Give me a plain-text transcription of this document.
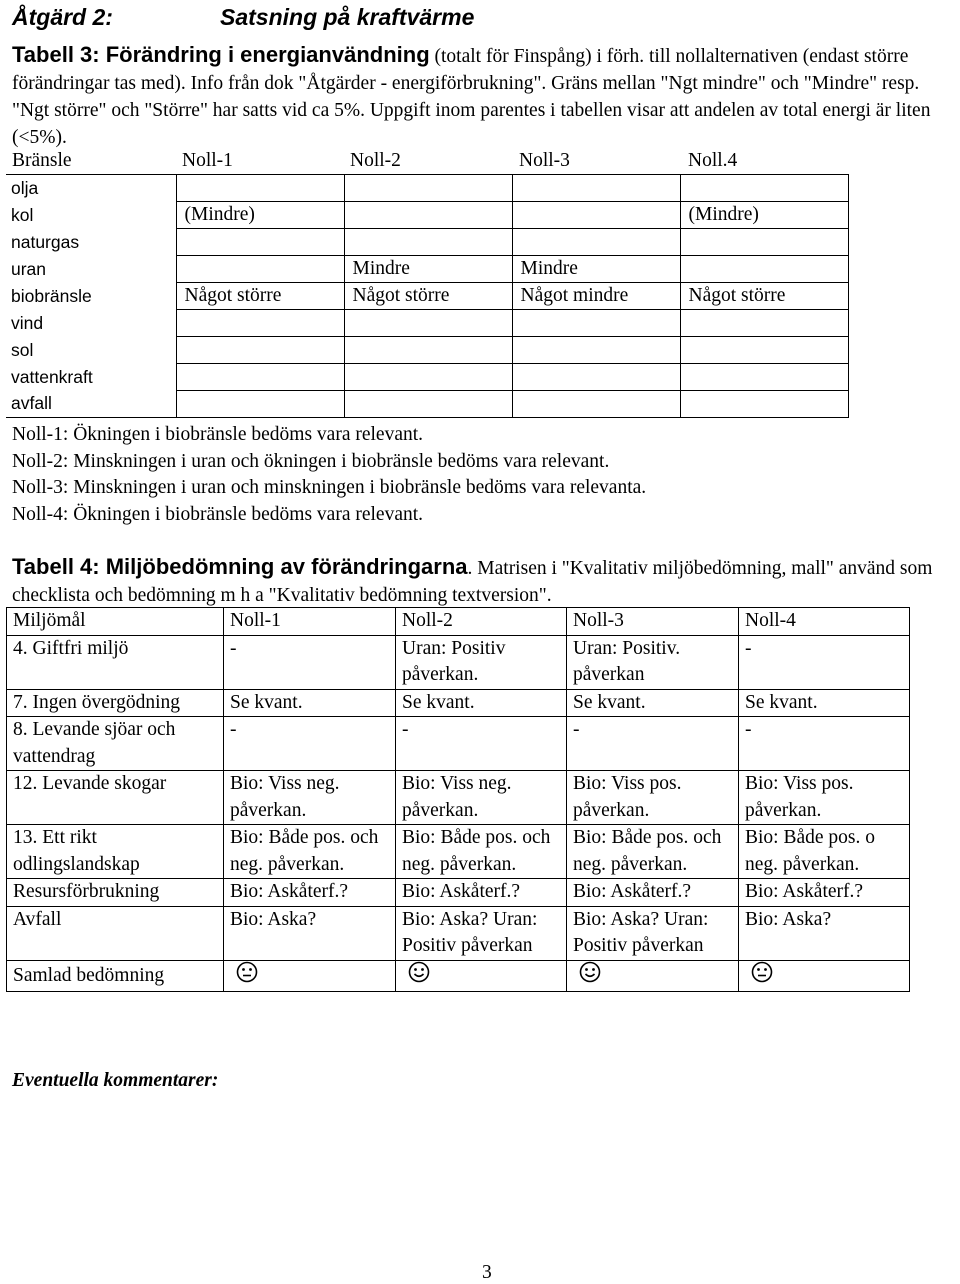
Åtgärd 2:	Satsning på kraftvärme
Tabell 3: Förändring i energianvändning (totalt för Finspång) i förh. till nollalternativen (endast större förändringar tas med). Info från dok "Åtgärder - energiförbrukning". Gräns mellan "Ngt mindre" och "Mindre" resp. "Ngt större" och "Större" har satts vid ca 5%. Uppgift inom parentes i tabellen visar att andelen av total energi är liten (<5%).
Bränsle	Noll-1	Noll-2	Noll-3	Noll.4
olja				
kol	(Mindre)			(Mindre)
naturgas				
uran		Mindre	Mindre	
biobränsle	Något större	Något större	Något mindre	Något större
vind				
sol				
vattenkraft				
avfall				
Noll-1: Ökningen i biobränsle bedöms vara relevant.
Noll-2: Minskningen i uran och ökningen i biobränsle bedöms vara relevant.
Noll-3: Minskningen i uran och minskningen i biobränsle bedöms vara relevanta.
Noll-4: Ökningen i biobränsle bedöms vara relevant.
Tabell 4: Miljöbedömning av förändringarna. Matrisen i "Kvalitativ miljöbedömning, mall" använd som checklista och bedömning m h a "Kvalitativ bedömning textversion".
Miljömål	Noll-1	Noll-2	Noll-3	Noll-4
4. Giftfri miljö	-	Uran: Positiv påverkan.	Uran: Positiv. påverkan	-
7. Ingen övergödning	Se kvant.	Se kvant.	Se kvant.	Se kvant.
8. Levande sjöar och vattendrag	-	-	-	-
12. Levande skogar	Bio: Viss neg. påverkan.	Bio: Viss neg. påverkan.	Bio: Viss pos. påverkan.	Bio: Viss pos. påverkan.
13. Ett rikt odlingslandskap	Bio: Både pos. och neg. påverkan.	Bio: Både pos. och neg. påverkan.	Bio: Både pos. och neg. påverkan.	Bio: Både pos. o neg. påverkan.
Resursförbrukning	Bio: Askåterf.?	Bio: Askåterf.?	Bio: Askåterf.?	Bio: Askåterf.?
Avfall	Bio: Aska?	Bio: Aska? Uran: Positiv påverkan	Bio: Aska? Uran: Positiv påverkan	Bio: Aska?
Samlad bedömning				
Eventuella kommentarer:
3
